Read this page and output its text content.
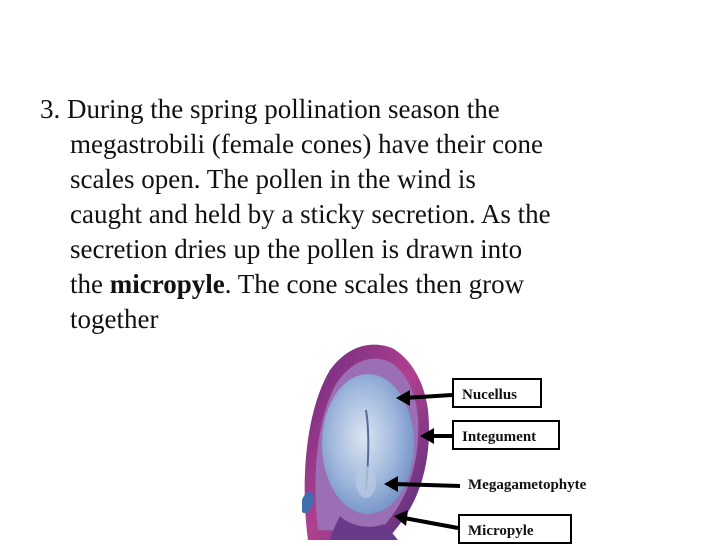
3. During the spring pollination season the
megastrobili (female cones) have their cone
scales open. The pollen in the wind is
caught and held by a sticky secretion. As the
secretion dries up the pollen is drawn into
the micropyle. The cone scales then grow
together
Nucellus
Integument
Megagametophyte
Micropyle
